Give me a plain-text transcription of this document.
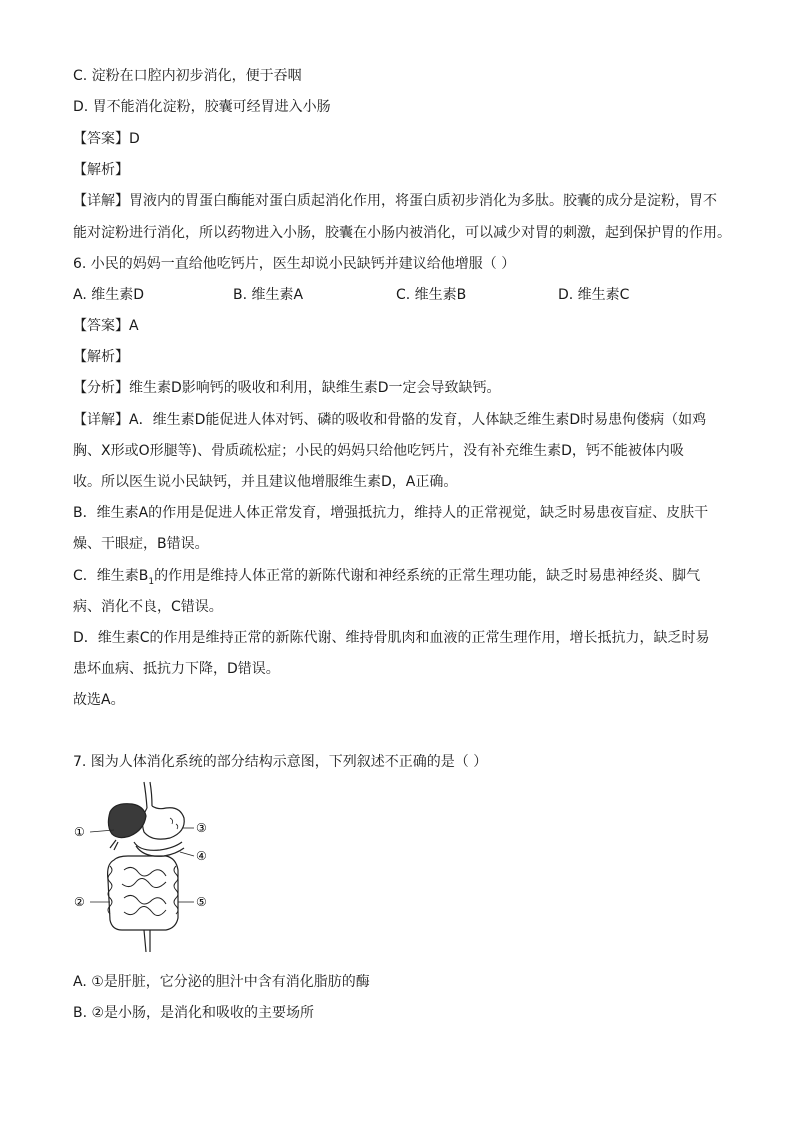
C. 淀粉在口腔内初步消化，便于吞咽
D. 胃不能消化淀粉，胶囊可经胃进入小肠
【答案】D
【解析】
【详解】胃液内的胃蛋白酶能对蛋白质起消化作用，将蛋白质初步消化为多肽。胶囊的成分是淀粉，胃不
能对淀粉进行消化，所以药物进入小肠，胶囊在小肠内被消化，可以减少对胃的刺激，起到保护胃的作用。
6. 小民的妈妈一直给他吃钙片，医生却说小民缺钙并建议给他增服（ ）
A. 维生素D	B. 维生素A	C. 维生素B	D. 维生素C
【答案】A
【解析】
【分析】维生素D影响钙的吸收和利用，缺维生素D一定会导致缺钙。
【详解】A．维生素D能促进人体对钙、磷的吸收和骨骼的发育，人体缺乏维生素D时易患佝偻病（如鸡
胸、X形或O形腿等)、骨质疏松症；小民的妈妈只给他吃钙片，没有补充维生素D，钙不能被体内吸
收。所以医生说小民缺钙，并且建议他增服维生素D，A正确。
B．维生素A的作用是促进人体正常发育，增强抵抗力，维持人的正常视觉，缺乏时易患夜盲症、皮肤干
燥、干眼症，B错误。
C．维生素$B_1$的作用是维持人体正常的新陈代谢和神经系统的正常生理功能，缺乏时易患神经炎、脚气
病、消化不良，C错误。
D．维生素C的作用是维持正常的新陈代谢、维持骨肌肉和血液的正常生理作用，增长抵抗力，缺乏时易
患坏血病、抵抗力下降，D错误。
故选A。
7. 图为人体消化系统的部分结构示意图，下列叙述不正确的是（ ）
①
②
③
④
⑤
A. ①是肝脏，它分泌的胆汁中含有消化脂肪的酶
B. ②是小肠，是消化和吸收的主要场所
